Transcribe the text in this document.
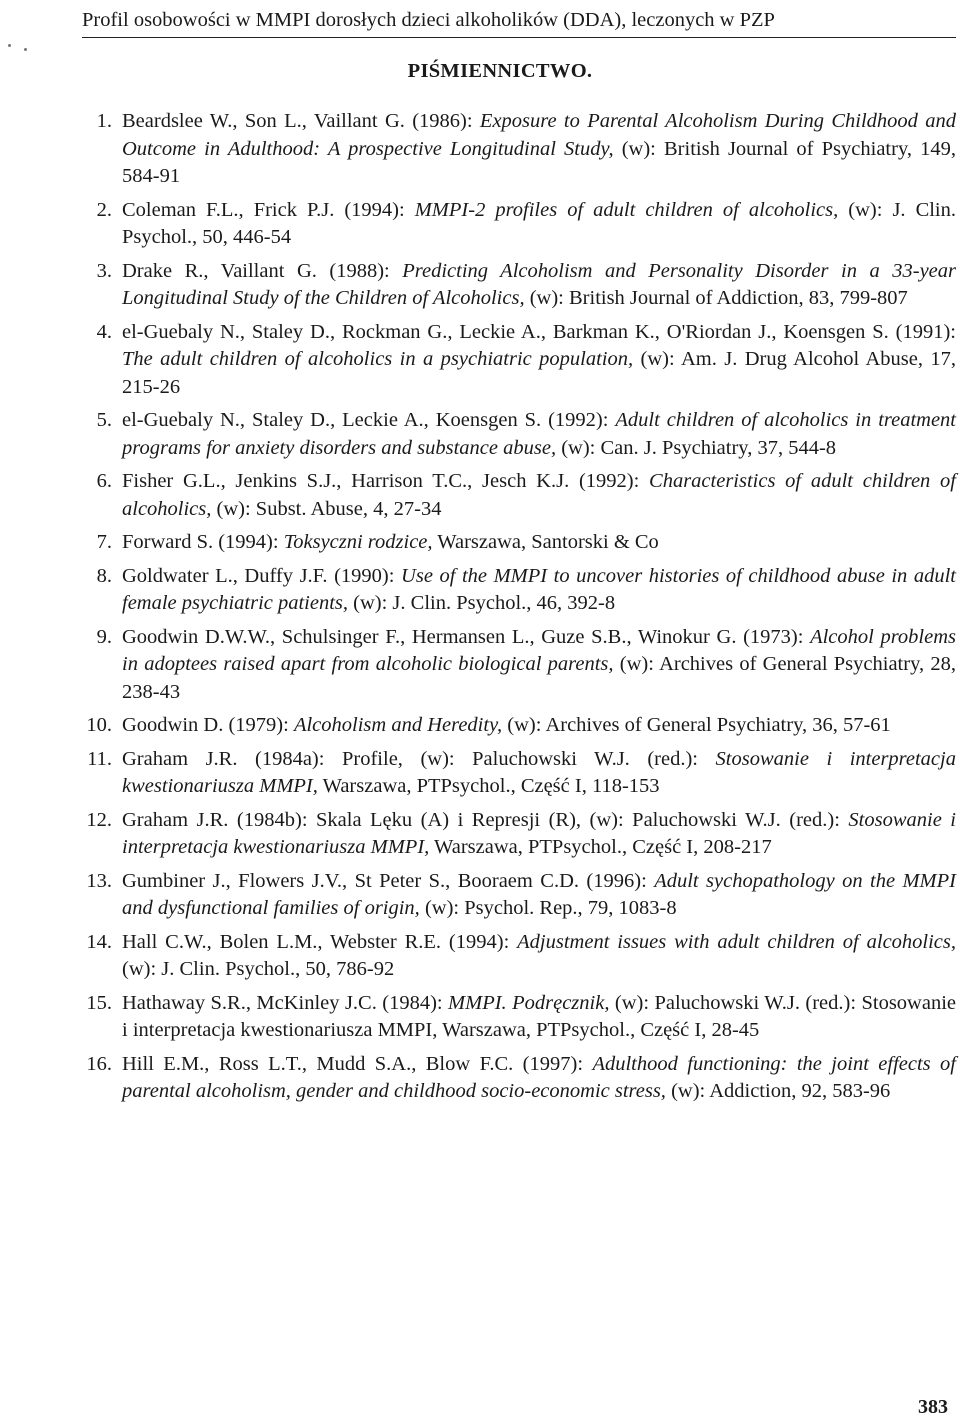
Profil osobowości w MMPI dorosłych dzieci alkoholików (DDA), leczonych w PZP
PIŚMIENNICTWO.
1. Beardslee W., Son L., Vaillant G. (1986): Exposure to Parental Alcoholism During Childhood and Outcome in Adulthood: A prospective Longitudinal Study, (w): British Journal of Psychiatry, 149, 584-91
2. Coleman F.L., Frick P.J. (1994): MMPI-2 profiles of adult children of alcoholics, (w): J. Clin. Psychol., 50, 446-54
3. Drake R., Vaillant G. (1988): Predicting Alcoholism and Personality Disorder in a 33-year Longitudinal Study of the Children of Alcoholics, (w): British Journal of Addiction, 83, 799-807
4. el-Guebaly N., Staley D., Rockman G., Leckie A., Barkman K., O'Riordan J., Koensgen S. (1991): The adult children of alcoholics in a psychiatric population, (w): Am. J. Drug Alcohol Abuse, 17, 215-26
5. el-Guebaly N., Staley D., Leckie A., Koensgen S. (1992): Adult children of alcoholics in treatment programs for anxiety disorders and substance abuse, (w): Can. J. Psychiatry, 37, 544-8
6. Fisher G.L., Jenkins S.J., Harrison T.C., Jesch K.J. (1992): Characteristics of adult children of alcoholics, (w): Subst. Abuse, 4, 27-34
7. Forward S. (1994): Toksyczni rodzice, Warszawa, Santorski & Co
8. Goldwater L., Duffy J.F. (1990): Use of the MMPI to uncover histories of childhood abuse in adult female psychiatric patients, (w): J. Clin. Psychol., 46, 392-8
9. Goodwin D.W.W., Schulsinger F., Hermansen L., Guze S.B., Winokur G. (1973): Alcohol problems in adoptees raised apart from alcoholic biological parents, (w): Archives of General Psychiatry, 28, 238-43
10. Goodwin D. (1979): Alcoholism and Heredity, (w): Archives of General Psychiatry, 36, 57-61
11. Graham J.R. (1984a): Profile, (w): Paluchowski W.J. (red.): Stosowanie i interpretacja kwestionariusza MMPI, Warszawa, PTPsychol., Część I, 118-153
12. Graham J.R. (1984b): Skala Lęku (A) i Represji (R), (w): Paluchowski W.J. (red.): Stosowanie i interpretacja kwestionariusza MMPI, Warszawa, PTPsychol., Część I, 208-217
13. Gumbiner J., Flowers J.V., St Peter S., Booraem C.D. (1996): Adult sychopathology on the MMPI and dysfunctional families of origin, (w): Psychol. Rep., 79, 1083-8
14. Hall C.W., Bolen L.M., Webster R.E. (1994): Adjustment issues with adult children of alcoholics, (w): J. Clin. Psychol., 50, 786-92
15. Hathaway S.R., McKinley J.C. (1984): MMPI. Podręcznik, (w): Paluchowski W.J. (red.): Stosowanie i interpretacja kwestionariusza MMPI, Warszawa, PTPsychol., Część I, 28-45
16. Hill E.M., Ross L.T., Mudd S.A., Blow F.C. (1997): Adulthood functioning: the joint effects of parental alcoholism, gender and childhood socio-economic stress, (w): Addiction, 92, 583-96
383
